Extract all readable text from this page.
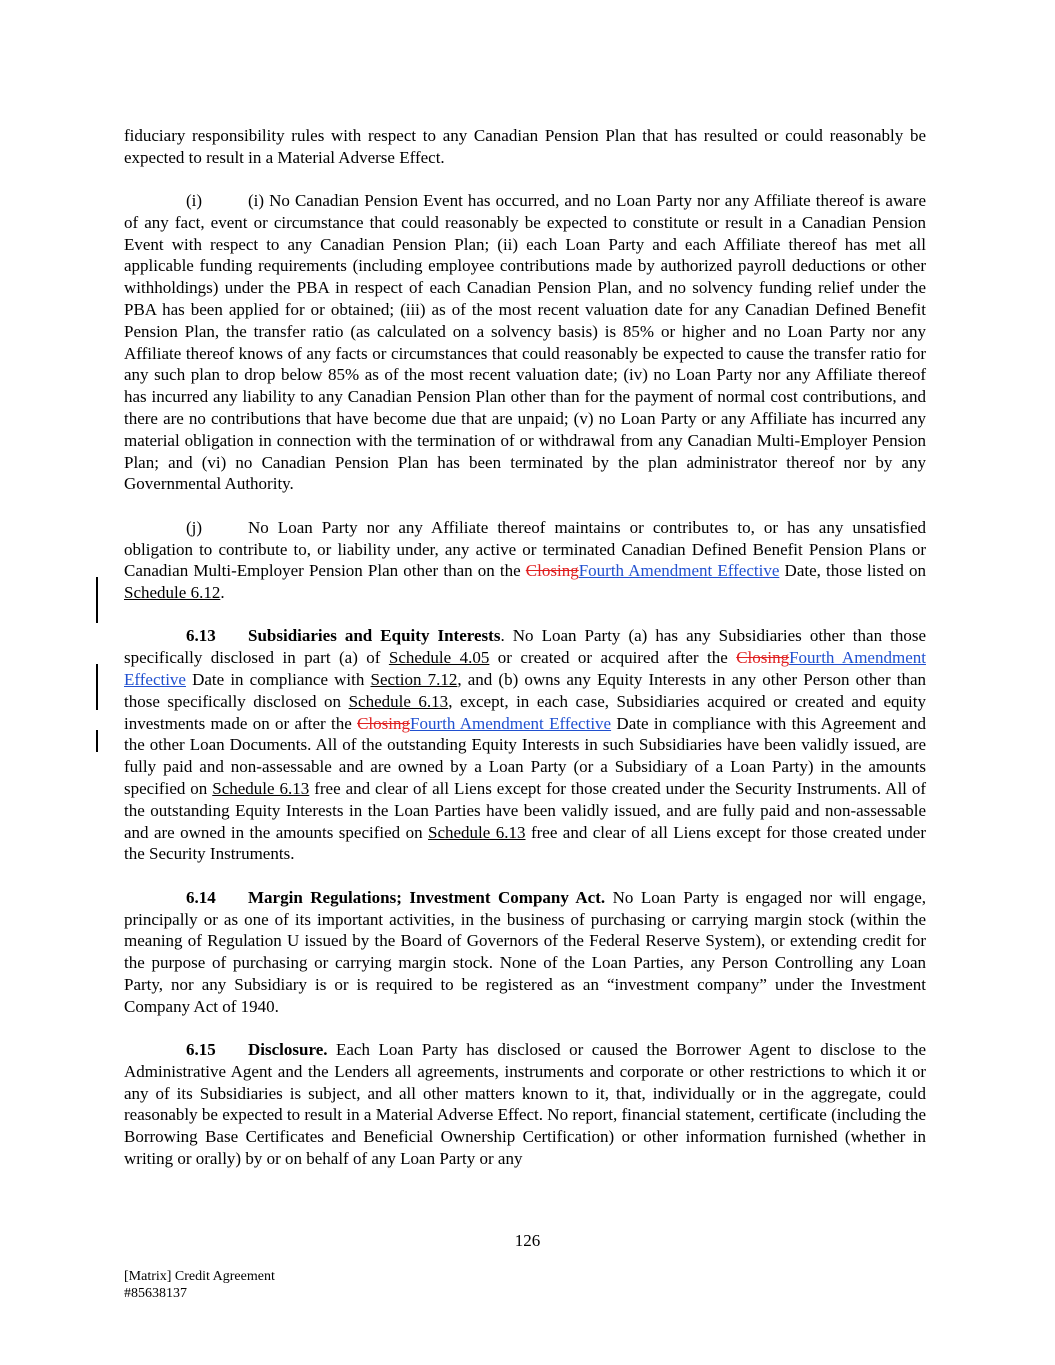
fiduciary responsibility rules with respect to any Canadian Pension Plan that has resulted or could reasonably be expected to result in a Material Adverse Effect.

(i)	(i) No Canadian Pension Event has occurred, and no Loan Party nor any Affiliate thereof is aware of any fact, event or circumstance that could reasonably be expected to constitute or result in a Canadian Pension Event with respect to any Canadian Pension Plan; (ii) each Loan Party and each Affiliate thereof has met all applicable funding requirements (including employee contributions made by authorized payroll deductions or other withholdings) under the PBA in respect of each Canadian Pension Plan, and no solvency funding relief under the PBA has been applied for or obtained; (iii) as of the most recent valuation date for any Canadian Defined Benefit Pension Plan, the transfer ratio (as calculated on a solvency basis) is 85% or higher and no Loan Party nor any Affiliate thereof knows of any facts or circumstances that could reasonably be expected to cause the transfer ratio for any such plan to drop below 85% as of the most recent valuation date; (iv) no Loan Party nor any Affiliate thereof has incurred any liability to any Canadian Pension Plan other than for the payment of normal cost contributions, and there are no contributions that have become due that are unpaid; (v) no Loan Party or any Affiliate has incurred any material obligation in connection with the termination of or withdrawal from any Canadian Multi-Employer Pension Plan; and (vi) no Canadian Pension Plan has been terminated by the plan administrator thereof nor by any Governmental Authority.

(j)	No Loan Party nor any Affiliate thereof maintains or contributes to, or has any unsatisfied obligation to contribute to, or liability under, any active or terminated Canadian Defined Benefit Pension Plans or Canadian Multi-Employer Pension Plan other than on the ClosingFourth Amendment Effective Date, those listed on Schedule 6.12.

6.13 Subsidiaries and Equity Interests. No Loan Party (a) has any Subsidiaries other than those specifically disclosed in part (a) of Schedule 4.05 or created or acquired after the ClosingFourth Amendment Effective Date in compliance with Section 7.12, and (b) owns any Equity Interests in any other Person other than those specifically disclosed on Schedule 6.13, except, in each case, Subsidiaries acquired or created and equity investments made on or after the ClosingFourth Amendment Effective Date in compliance with this Agreement and the other Loan Documents. All of the outstanding Equity Interests in such Subsidiaries have been validly issued, are fully paid and non-assessable and are owned by a Loan Party (or a Subsidiary of a Loan Party) in the amounts specified on Schedule 6.13 free and clear of all Liens except for those created under the Security Instruments. All of the outstanding Equity Interests in the Loan Parties have been validly issued, and are fully paid and non-assessable and are owned in the amounts specified on Schedule 6.13 free and clear of all Liens except for those created under the Security Instruments.

6.14 Margin Regulations; Investment Company Act. No Loan Party is engaged nor will engage, principally or as one of its important activities, in the business of purchasing or carrying margin stock (within the meaning of Regulation U issued by the Board of Governors of the Federal Reserve System), or extending credit for the purpose of purchasing or carrying margin stock. None of the Loan Parties, any Person Controlling any Loan Party, nor any Subsidiary is or is required to be registered as an “investment company” under the Investment Company Act of 1940.

6.15 Disclosure. Each Loan Party has disclosed or caused the Borrower Agent to disclose to the Administrative Agent and the Lenders all agreements, instruments and corporate or other restrictions to which it or any of its Subsidiaries is subject, and all other matters known to it, that, individually or in the aggregate, could reasonably be expected to result in a Material Adverse Effect. No report, financial statement, certificate (including the Borrowing Base Certificates and Beneficial Ownership Certification) or other information furnished (whether in writing or orally) by or on behalf of any Loan Party or any

126
[Matrix] Credit Agreement
#85638137
